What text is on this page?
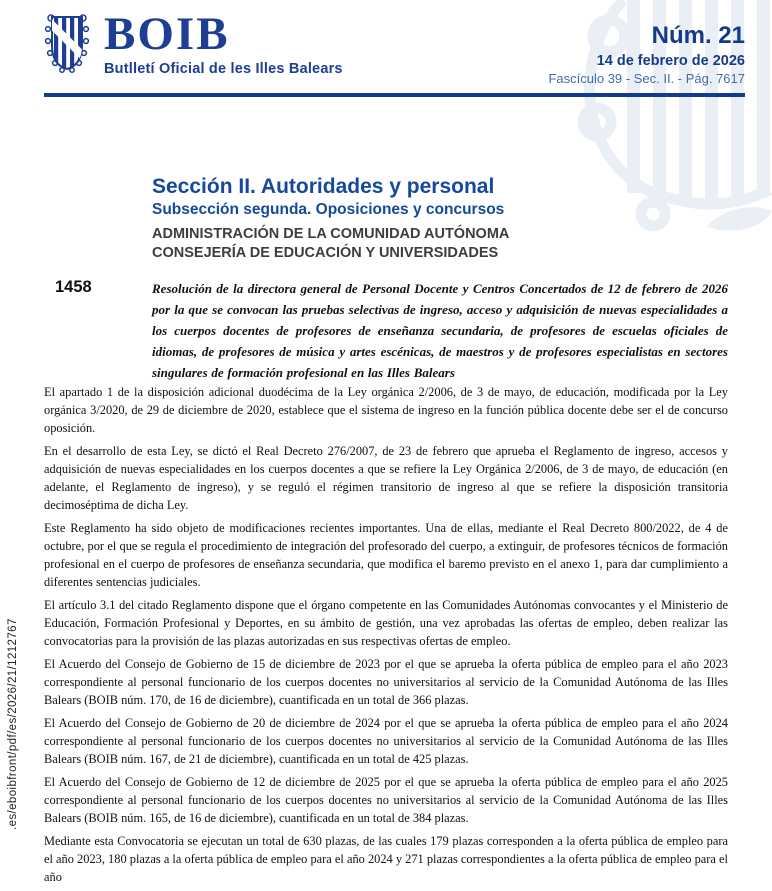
BOIB
Butlletí Oficial de les Illes Balears
Núm. 21
14 de febrero de 2026
Fascículo 39 - Sec. II. - Pág. 7617
.es/eboibfront/pdf/es/2026/21/1212767
Sección II. Autoridades y personal
Subsección segunda. Oposiciones y concursos
ADMINISTRACIÓN DE LA COMUNIDAD AUTÓNOMA
CONSEJERÍA DE EDUCACIÓN Y UNIVERSIDADES
1458	Resolución de la directora general de Personal Docente y Centros Concertados de 12 de febrero de 2026 por la que se convocan las pruebas selectivas de ingreso, acceso y adquisición de nuevas especialidades a los cuerpos docentes de profesores de enseñanza secundaria, de profesores de escuelas oficiales de idiomas, de profesores de música y artes escénicas, de maestros y de profesores especialistas en sectores singulares de formación profesional en las Illes Balears

El apartado 1 de la disposición adicional duodécima de la Ley orgánica 2/2006, de 3 de mayo, de educación, modificada por la Ley orgánica 3/2020, de 29 de diciembre de 2020, establece que el sistema de ingreso en la función pública docente debe ser el de concurso oposición.

En el desarrollo de esta Ley, se dictó el Real Decreto 276/2007, de 23 de febrero que aprueba el Reglamento de ingreso, accesos y adquisición de nuevas especialidades en los cuerpos docentes a que se refiere la Ley Orgánica 2/2006, de 3 de mayo, de educación (en adelante, el Reglamento de ingreso), y se reguló el régimen transitorio de ingreso al que se refiere la disposición transitoria decimoséptima de dicha Ley.

Este Reglamento ha sido objeto de modificaciones recientes importantes. Una de ellas, mediante el Real Decreto 800/2022, de 4 de octubre, por el que se regula el procedimiento de integración del profesorado del cuerpo, a extinguir, de profesores técnicos de formación profesional en el cuerpo de profesores de enseñanza secundaria, que modifica el baremo previsto en el anexo 1, para dar cumplimiento a diferentes sentencias judiciales.

El artículo 3.1 del citado Reglamento dispone que el órgano competente en las Comunidades Autónomas convocantes y el Ministerio de Educación, Formación Profesional y Deportes, en su ámbito de gestión, una vez aprobadas las ofertas de empleo, deben realizar las convocatorias para la provisión de las plazas autorizadas en sus respectivas ofertas de empleo.

El Acuerdo del Consejo de Gobierno de 15 de diciembre de 2023 por el que se aprueba la oferta pública de empleo para el año 2023 correspondiente al personal funcionario de los cuerpos docentes no universitarios al servicio de la Comunidad Autónoma de las Illes Balears (BOIB núm. 170, de 16 de diciembre), cuantificada en un total de 366 plazas.

El Acuerdo del Consejo de Gobierno de 20 de diciembre de 2024 por el que se aprueba la oferta pública de empleo para el año 2024 correspondiente al personal funcionario de los cuerpos docentes no universitarios al servicio de la Comunidad Autónoma de las Illes Balears (BOIB núm. 167, de 21 de diciembre), cuantificada en un total de 425 plazas.

El Acuerdo del Consejo de Gobierno de 12 de diciembre de 2025 por el que se aprueba la oferta pública de empleo para el año 2025 correspondiente al personal funcionario de los cuerpos docentes no universitarios al servicio de la Comunidad Autónoma de las Illes Balears (BOIB núm. 165, de 16 de diciembre), cuantificada en un total de 384 plazas.

Mediante esta Convocatoria se ejecutan un total de 630 plazas, de las cuales 179 plazas corresponden a la oferta pública de empleo para el año 2023, 180 plazas a la oferta pública de empleo para el año 2024 y 271 plazas correspondientes a la oferta pública de empleo para el año
